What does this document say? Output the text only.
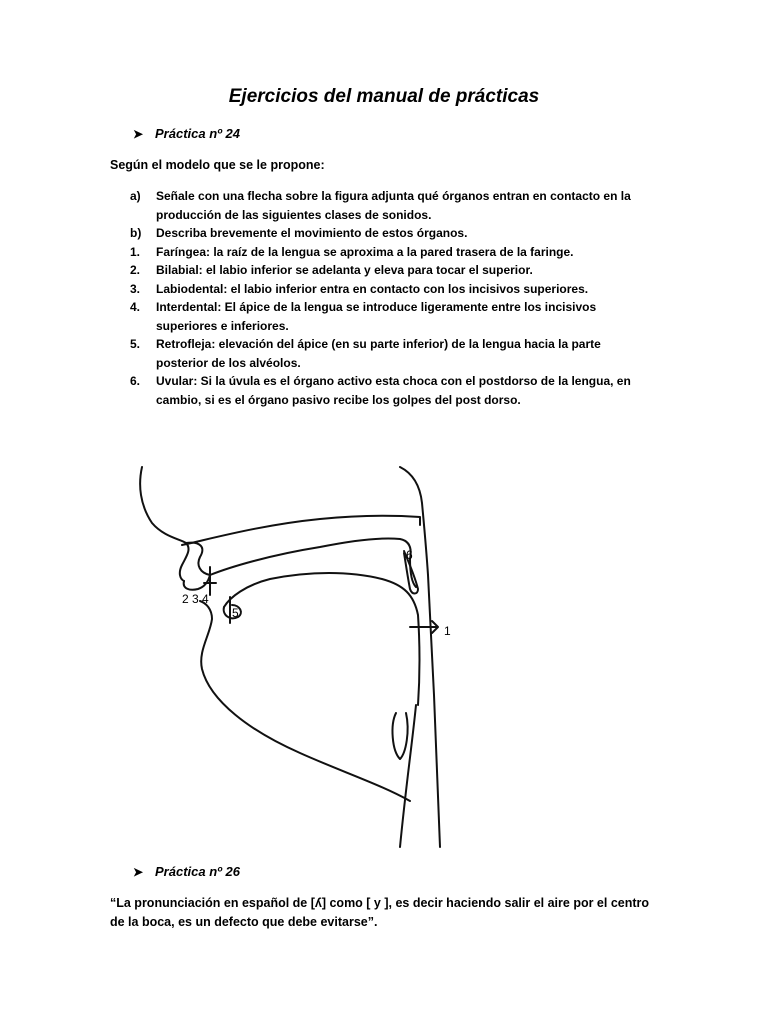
Ejercicios del manual de prácticas
➤ Práctica nº 24
Según el modelo que se le propone:
a) Señale con una flecha sobre la figura adjunta qué órganos entran en contacto en la producción de las siguientes clases de sonidos.
b) Describa brevemente el movimiento de estos órganos.
1. Faríngea: la raíz de la lengua se aproxima a la pared trasera de la faringe.
2. Bilabial: el labio inferior se adelanta y eleva para tocar el superior.
3. Labiodental: el labio inferior entra en contacto con los incisivos superiores.
4. Interdental: El ápice de la lengua se introduce ligeramente entre los incisivos superiores e inferiores.
5. Retrofleja: elevación del ápice (en su parte inferior) de la lengua hacia la parte posterior de los alvéolos.
6. Uvular: Si la úvula es el órgano activo esta choca con el postdorso de la lengua, en cambio, si es el órgano pasivo recibe los golpes del post dorso.
2 3 4
5
6
1
➤ Práctica nº 26
“La pronunciación en español de [ʎ] como [ y ], es decir haciendo salir el aire por el centro de la boca, es un defecto que debe evitarse”.
